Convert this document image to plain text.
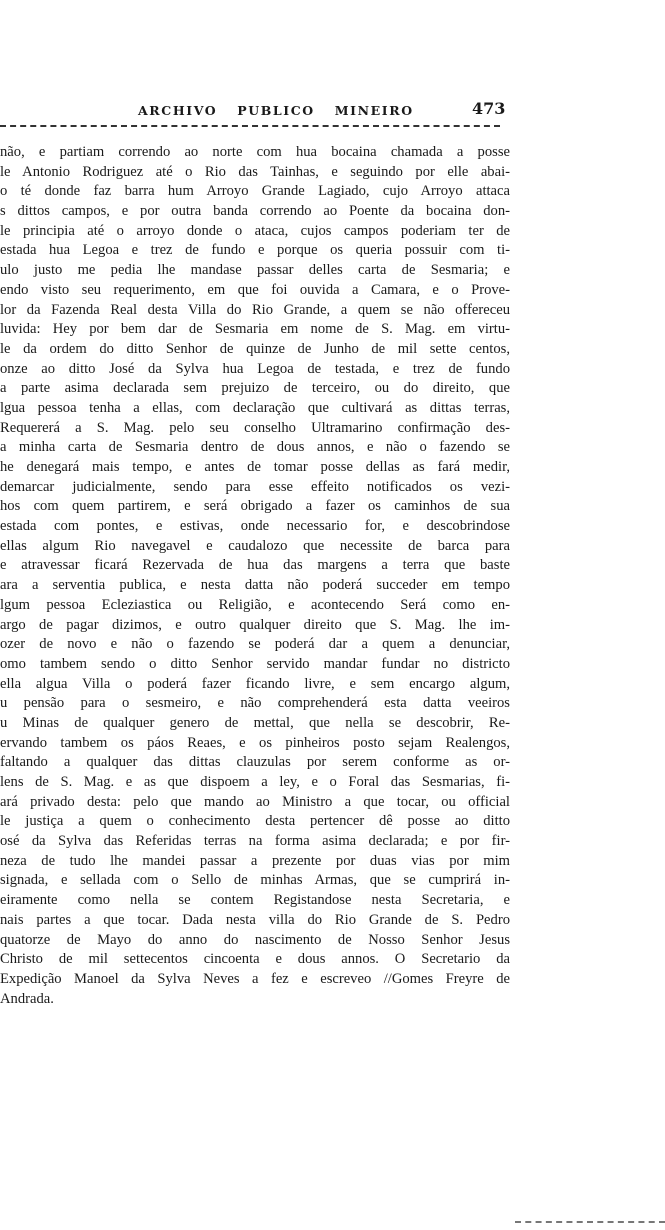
ARCHIVO PUBLICO MINEIRO	473
não, e partiam correndo ao norte com hua bocaina chamada a posse
le Antonio Rodriguez até o Rio das Tainhas, e seguindo por elle abai-
o té donde faz barra hum Arroyo Grande Lagiado, cujo Arroyo attaca
s dittos campos, e por outra banda correndo ao Poente da bocaina don-
le principia até o arroyo donde o ataca, cujos campos poderiam ter de
estada hua Legoa e trez de fundo e porque os queria possuir com ti-
ulo justo me pedia lhe mandase passar delles carta de Sesmaria; e
endo visto seu requerimento, em que foi ouvida a Camara, e o Prove-
lor da Fazenda Real desta Villa do Rio Grande, a quem se não offereceu
luvida: Hey por bem dar de Sesmaria em nome de S. Mag. em virtu-
le da ordem do ditto Senhor de quinze de Junho de mil sette centos,
onze ao ditto José da Sylva hua Legoa de testada, e trez de fundo
a parte asima declarada sem prejuizo de terceiro, ou do direito, que
lgua pessoa tenha a ellas, com declaração que cultivará as dittas terras,
Requererá a S. Mag. pelo seu conselho Ultramarino confirmação des-
a minha carta de Sesmaria dentro de dous annos, e não o fazendo se
he denegará mais tempo, e antes de tomar posse dellas as fará medir,
demarcar judicialmente, sendo para esse effeito notificados os vezi-
hos com quem partirem, e será obrigado a fazer os caminhos de sua
estada com pontes, e estivas, onde necessario for, e descobrindose
ellas algum Rio navegavel e caudalozo que necessite de barca para
e atravessar ficará Rezervada de hua das margens a terra que baste
ara a serventia publica, e nesta datta não poderá succeder em tempo
lgum pessoa Ecleziastica ou Religião, e acontecendo Será como en-
argo de pagar dizimos, e outro qualquer direito que S. Mag. lhe im-
ozer de novo e não o fazendo se poderá dar a quem a denunciar,
omo tambem sendo o ditto Senhor servido mandar fundar no districto
ella algua Villa o poderá fazer ficando livre, e sem encargo algum,
u pensão para o sesmeiro, e não comprehenderá esta datta veeiros
u Minas de qualquer genero de mettal, que nella se descobrir, Re-
ervando tambem os páos Reaes, e os pinheiros posto sejam Realengos,
faltando a qualquer das dittas clauzulas por serem conforme as or-
lens de S. Mag. e as que dispoem a ley, e o Foral das Sesmarias, fi-
ará privado desta: pelo que mando ao Ministro a que tocar, ou official
le justiça a quem o conhecimento desta pertencer dê posse ao ditto
osé da Sylva das Referidas terras na forma asima declarada; e por fir-
neza de tudo lhe mandei passar a prezente por duas vias por mim
signada, e sellada com o Sello de minhas Armas, que se cumprirá in-
eiramente como nella se contem Registandose nesta Secretaria, e
nais partes a que tocar. Dada nesta villa do Rio Grande de S. Pedro
quatorze de Mayo do anno do nascimento de Nosso Senhor Jesus
Christo de mil settecentos cincoenta e dous annos. O Secretario da
Expedição Manoel da Sylva Neves a fez e escreveo //Gomes Freyre de
Andrada.
